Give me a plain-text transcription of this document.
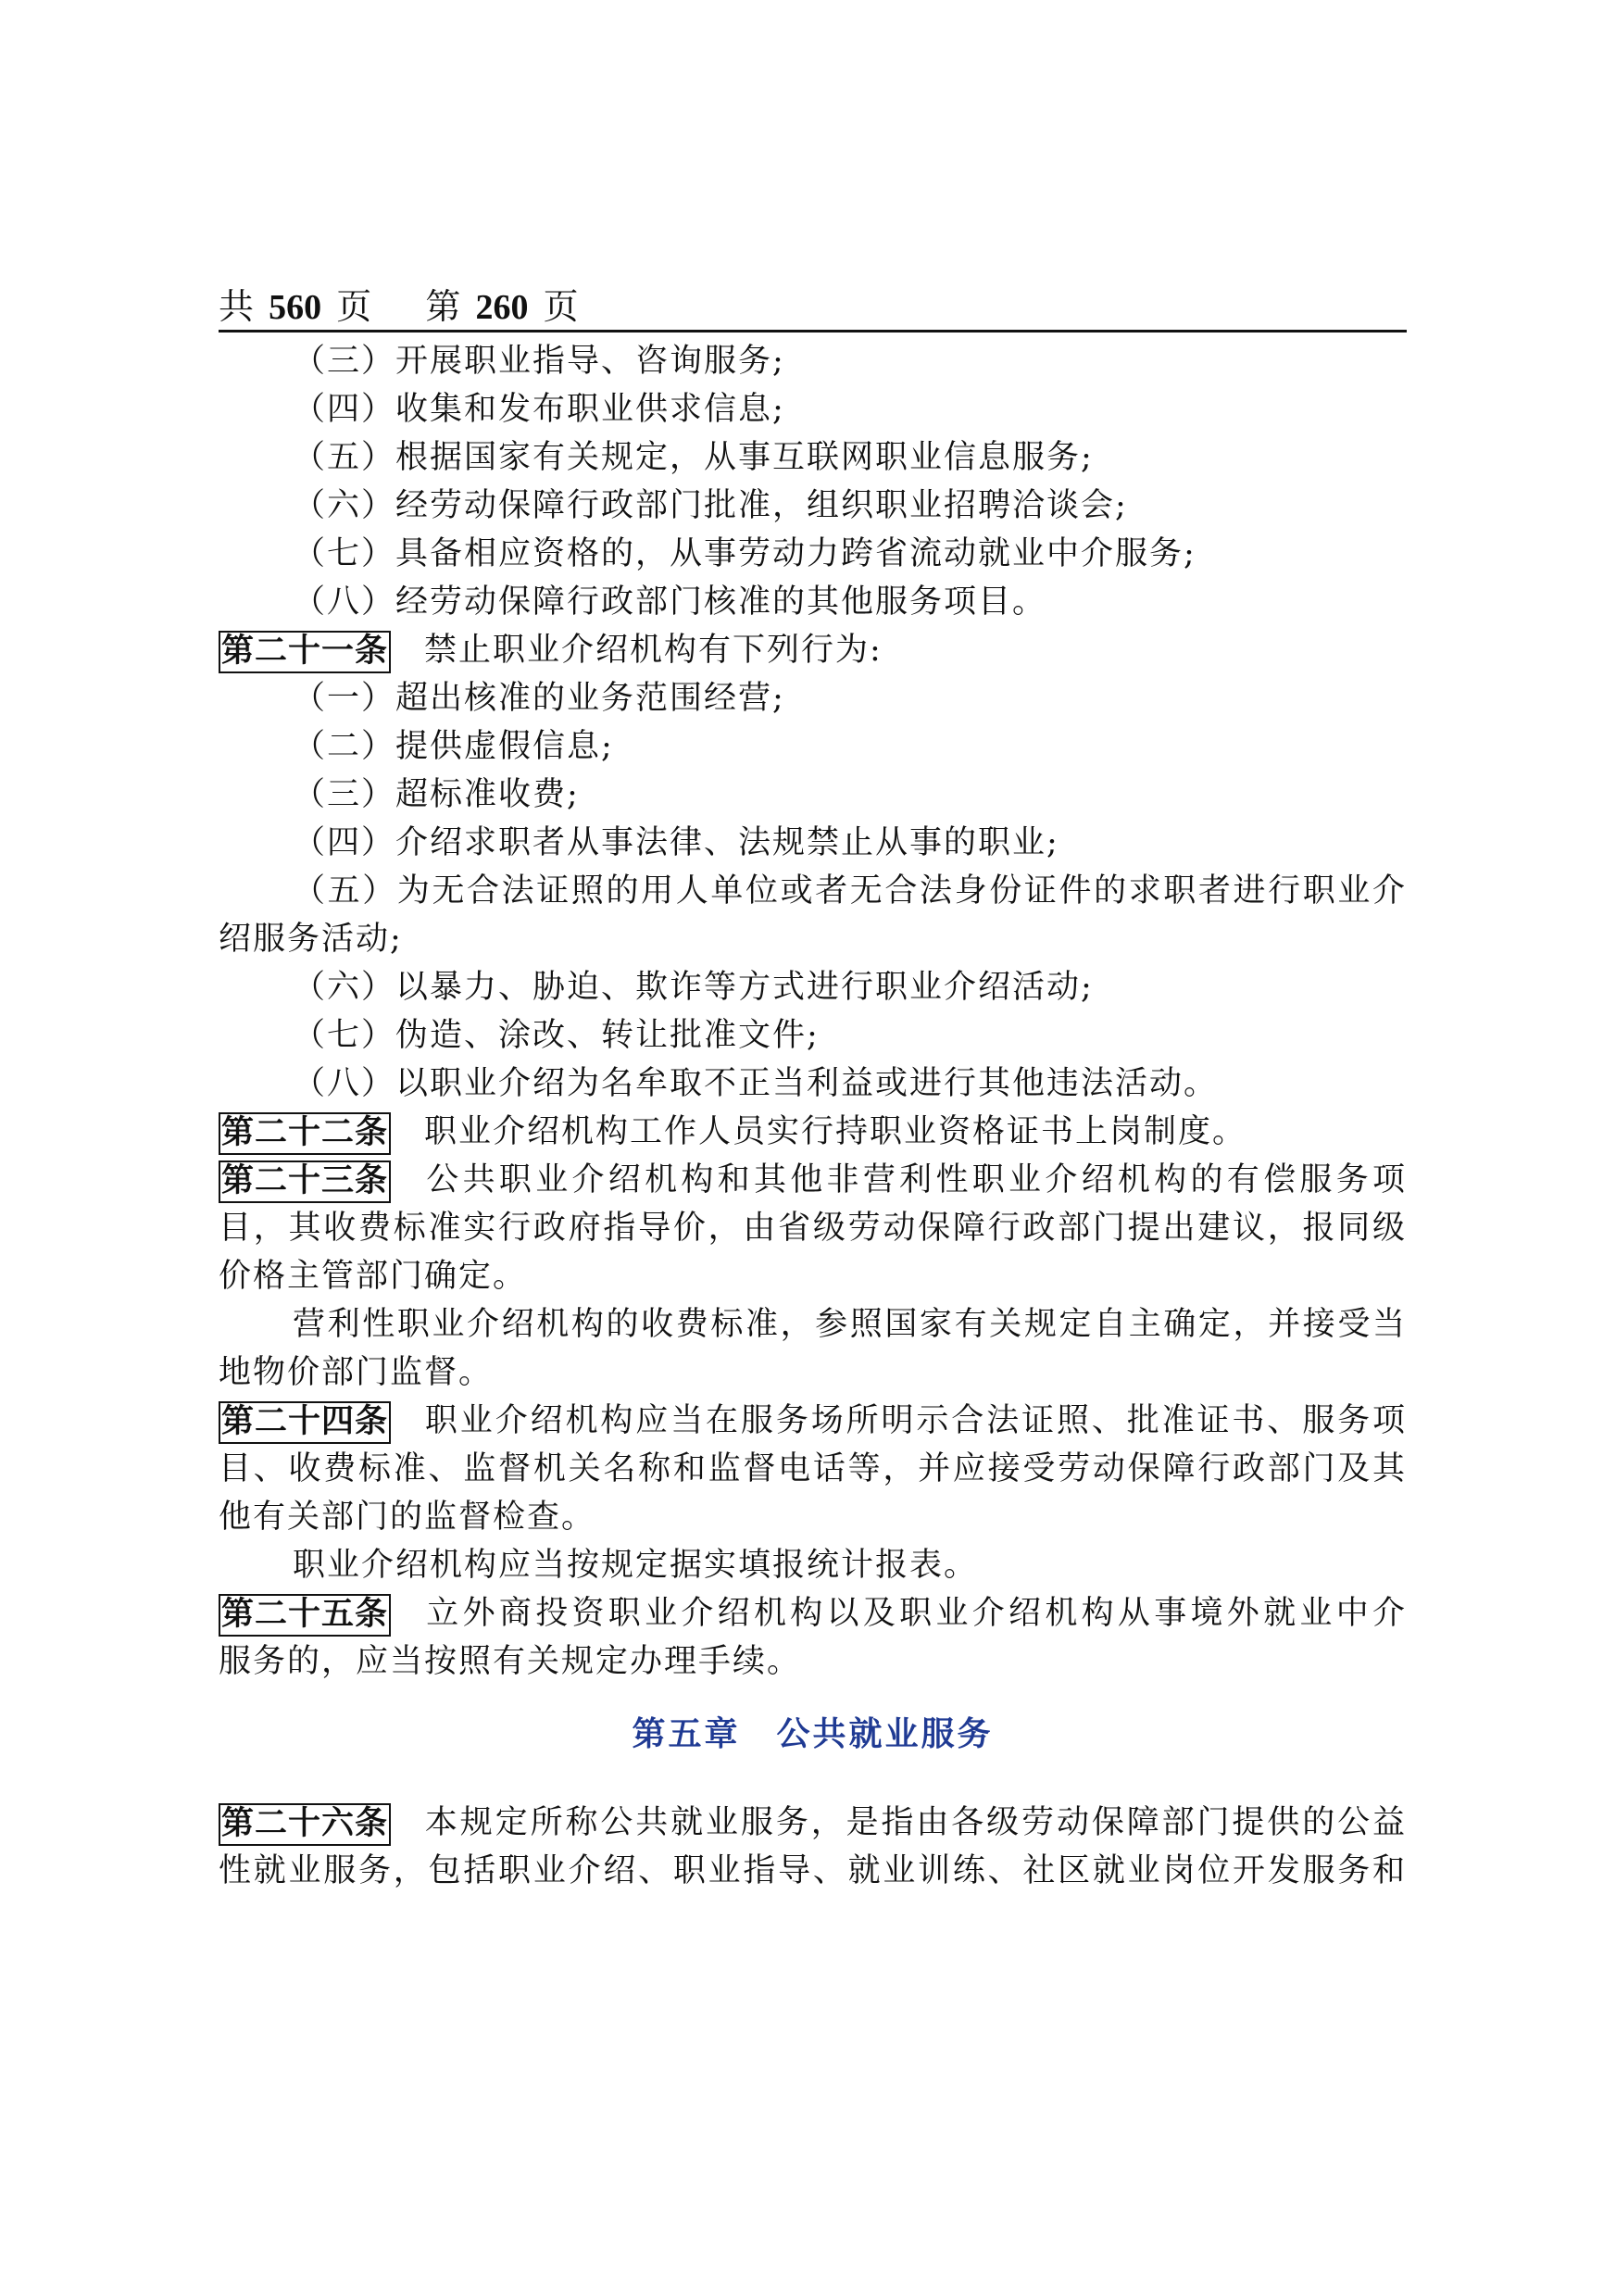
共 560 页 第 260 页
（三）开展职业指导、咨询服务;
（四）收集和发布职业供求信息;
（五）根据国家有关规定，从事互联网职业信息服务;
（六）经劳动保障行政部门批准，组织职业招聘洽谈会;
（七）具备相应资格的，从事劳动力跨省流动就业中介服务;
（八）经劳动保障行政部门核准的其他服务项目。
第二十一条 禁止职业介绍机构有下列行为:
（一）超出核准的业务范围经营;
（二）提供虚假信息;
（三）超标准收费;
（四）介绍求职者从事法律、法规禁止从事的职业;
（五）为无合法证照的用人单位或者无合法身份证件的求职者进行职业介
绍服务活动;
（六）以暴力、胁迫、欺诈等方式进行职业介绍活动;
（七）伪造、涂改、转让批准文件;
（八）以职业介绍为名牟取不正当利益或进行其他违法活动。
第二十二条 职业介绍机构工作人员实行持职业资格证书上岗制度。
第二十三条 公共职业介绍机构和其他非营利性职业介绍机构的有偿服务项
目，其收费标准实行政府指导价，由省级劳动保障行政部门提出建议，报同级
价格主管部门确定。
营利性职业介绍机构的收费标准，参照国家有关规定自主确定，并接受当
地物价部门监督。
第二十四条 职业介绍机构应当在服务场所明示合法证照、批准证书、服务项
目、收费标准、监督机关名称和监督电话等，并应接受劳动保障行政部门及其
他有关部门的监督检查。
职业介绍机构应当按规定据实填报统计报表。
第二十五条 立外商投资职业介绍机构以及职业介绍机构从事境外就业中介
服务的，应当按照有关规定办理手续。
第五章　公共就业服务
第二十六条 本规定所称公共就业服务，是指由各级劳动保障部门提供的公益
性就业服务，包括职业介绍、职业指导、就业训练、社区就业岗位开发服务和
